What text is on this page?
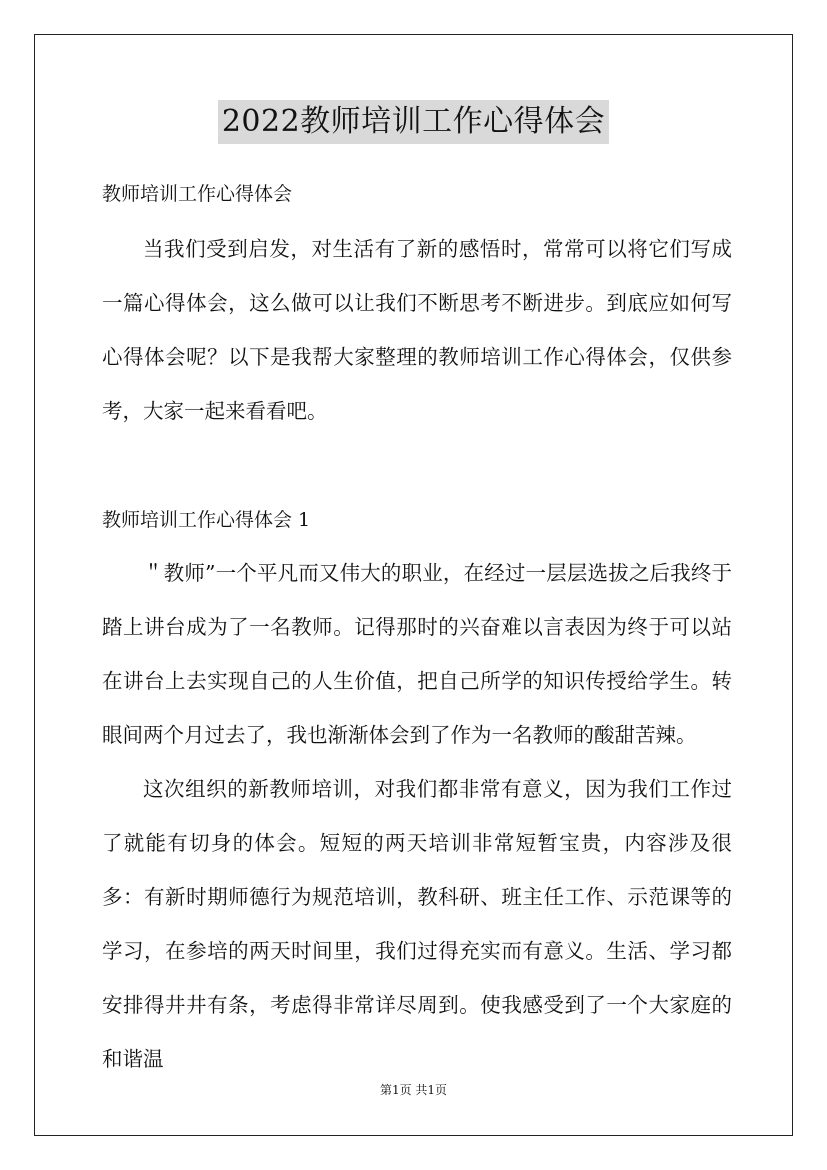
2022教师培训工作心得体会
教师培训工作心得体会

当我们受到启发，对生活有了新的感悟时，常常可以将它们写成一篇心得体会，这么做可以让我们不断思考不断进步。到底应如何写心得体会呢？以下是我帮大家整理的教师培训工作心得体会，仅供参考，大家一起来看看吧。

教师培训工作心得体会 1

＂教师”一个平凡而又伟大的职业，在经过一层层选拔之后我终于踏上讲台成为了一名教师。记得那时的兴奋难以言表因为终于可以站在讲台上去实现自己的人生价值，把自己所学的知识传授给学生。转眼间两个月过去了，我也渐渐体会到了作为一名教师的酸甜苦辣。

这次组织的新教师培训，对我们都非常有意义，因为我们工作过了就能有切身的体会。短短的两天培训非常短暂宝贵，内容涉及很多：有新时期师德行为规范培训，教科研、班主任工作、示范课等的学习，在参培的两天时间里，我们过得充实而有意义。生活、学习都安排得井井有条，考虑得非常详尽周到。使我感受到了一个大家庭的和谐温

第1页 共1页
